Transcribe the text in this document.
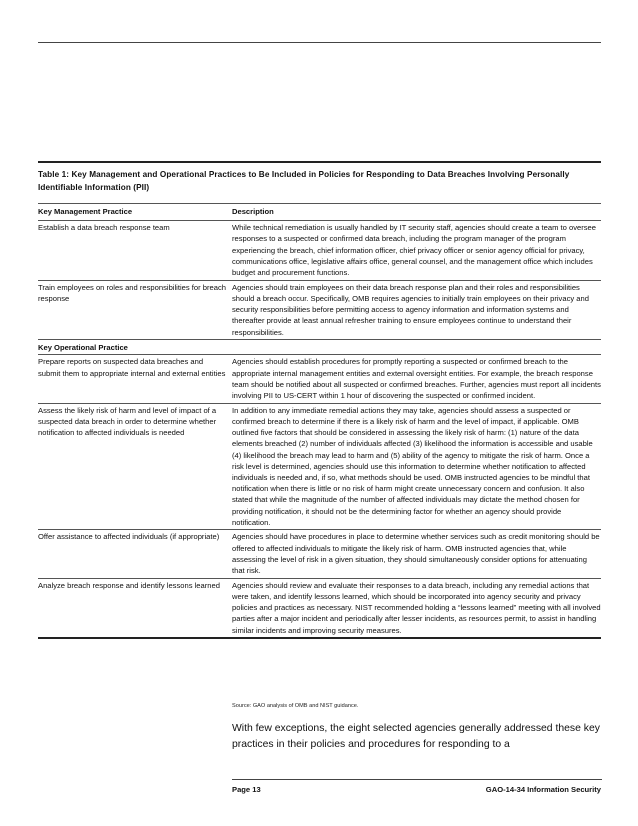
Table 1: Key Management and Operational Practices to Be Included in Policies for Responding to Data Breaches Involving Personally Identifiable Information (PII)
Key Management Practice	Description
Establish a data breach response team	While technical remediation is usually handled by IT security staff, agencies should create a team to oversee responses to a suspected or confirmed data breach, including the program manager of the program experiencing the breach, chief information officer, chief privacy officer or senior agency official for privacy, communications office, legislative affairs office, general counsel, and the management office which includes budget and procurement functions.
Train employees on roles and responsibilities for breach response	Agencies should train employees on their data breach response plan and their roles and responsibilities should a breach occur. Specifically, OMB requires agencies to initially train employees on their privacy and security responsibilities before permitting access to agency information and information systems and thereafter provide at least annual refresher training to ensure employees continue to understand their responsibilities.
Key Operational Practice	
Prepare reports on suspected data breaches and submit them to appropriate internal and external entities	Agencies should establish procedures for promptly reporting a suspected or confirmed breach to the appropriate internal management entities and external oversight entities. For example, the breach response team should be notified about all suspected or confirmed breaches. Further, agencies must report all incidents involving PII to US-CERT within 1 hour of discovering the suspected or confirmed incident.
Assess the likely risk of harm and level of impact of a suspected data breach in order to determine whether notification to affected individuals is needed	In addition to any immediate remedial actions they may take, agencies should assess a suspected or confirmed breach to determine if there is a likely risk of harm and the level of impact, if applicable. OMB outlined five factors that should be considered in assessing the likely risk of harm: (1) nature of the data elements breached (2) number of individuals affected (3) likelihood the information is accessible and usable (4) likelihood the breach may lead to harm and (5) ability of the agency to mitigate the risk of harm. Once a risk level is determined, agencies should use this information to determine whether notification to affected individuals is needed and, if so, what methods should be used. OMB instructed agencies to be mindful that notification when there is little or no risk of harm might create unnecessary concern and confusion. It also stated that while the magnitude of the number of affected individuals may dictate the method chosen for providing notification, it should not be the determining factor for whether an agency should provide notification.
Offer assistance to affected individuals (if appropriate)	Agencies should have procedures in place to determine whether services such as credit monitoring should be offered to affected individuals to mitigate the likely risk of harm. OMB instructed agencies that, while assessing the level of risk in a given situation, they should simultaneously consider options for attenuating that risk.
Analyze breach response and identify lessons learned	Agencies should review and evaluate their responses to a data breach, including any remedial actions that were taken, and identify lessons learned, which should be incorporated into agency security and privacy policies and practices as necessary. NIST recommended holding a “lessons learned” meeting with all involved parties after a major incident and periodically after lesser incidents, as resources permit, to assist in handling similar incidents and improving security measures.
Source: GAO analysis of OMB and NIST guidance.
With few exceptions, the eight selected agencies generally addressed these key practices in their policies and procedures for responding to a
Page 13	GAO-14-34 Information Security
